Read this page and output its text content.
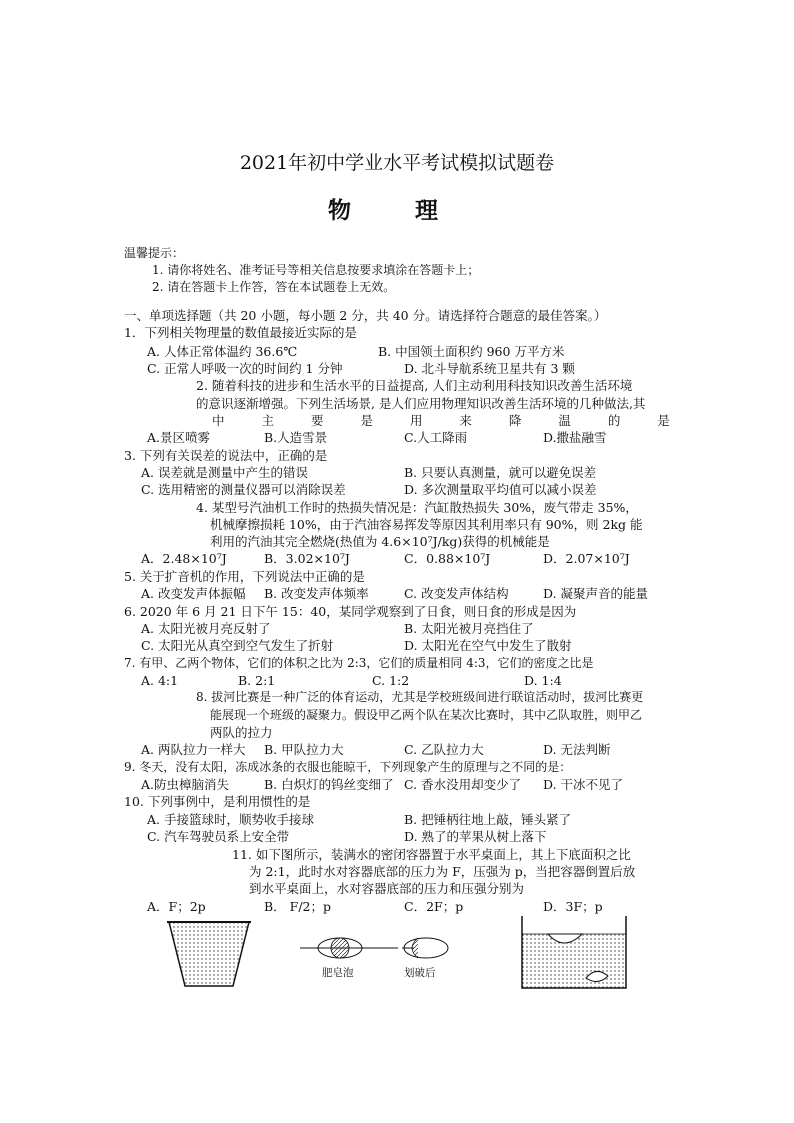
2021年初中学业水平考试模拟试题卷
物 理
温馨提示：
1. 请你将姓名、准考证号等相关信息按要求填涂在答题卡上；
2. 请在答题卡上作答，答在本试题卷上无效。
一、单项选择题（共 20 小题，每小题 2 分，共 40 分。请选择符合题意的最佳答案。）
1．下列相关物理量的数值最接近实际的是
A. 人体正常体温约 36.6℃	B. 中国领土面积约 960 万平方米
C. 正常人呼吸一次的时间约 1 分钟	D. 北斗导航系统卫星共有 3 颗
2. 随着科技的进步和生活水平的日益提高, 人们主动利用科技知识改善生活环境
的意识逐渐增强。下列生活场景, 是人们应用物理知识改善生活环境的几种做法,其
中	主	要	是	用	来	降	温	的	是
A.景区喷雾	B.人造雪景	C.人工降雨	D.撒盐融雪
3. 下列有关误差的说法中，正确的是
A. 误差就是测量中产生的错误	B. 只要认真测量，就可以避免误差
C. 选用精密的测量仪器可以消除误差	D. 多次测量取平均值可以减小误差
4. 某型号汽油机工作时的热损失情况是：汽缸散热损失 30%，废气带走 35%，
机械摩擦损耗 10%，由于汽油容易挥发等原因其利用率只有 90%，则 2kg 能
利用的汽油其完全燃烧(热值为 4.6×10⁷J/kg)获得的机械能是
A．2.48×10⁷J	B．3.02×10⁷J	C．0.88×10⁷J	D．2.07×10⁷J
5. 关于扩音机的作用，下列说法中正确的是
A. 改变发声体振幅 B. 改变发声体频率	C. 改变发声体结构	D. 凝聚声音的能量
6. 2020 年 6 月 21 日下午 15：40，某同学观察到了日食，则日食的形成是因为
A. 太阳光被月亮反射了	B. 太阳光被月亮挡住了
C. 太阳光从真空到空气发生了折射	D. 太阳光在空气中发生了散射
7. 有甲、乙两个物体，它们的体积之比为 2:3，它们的质量相同 4:3，它们的密度之比是
A. 4:1	B. 2:1	C. 1:2	D. 1:4
8. 拔河比赛是一种广泛的体育运动，尤其是学校班级间进行联谊活动时，拔河比赛更
能展现一个班级的凝聚力。假设甲乙两个队在某次比赛时，其中乙队取胜，则甲乙
两队的拉力
A. 两队拉力一样大 B. 甲队拉力大	C. 乙队拉力大	D. 无法判断
9. 冬天，没有太阳，冻成冰条的衣服也能晾干，下列现象产生的原理与之不同的是：
A.防虫樟脑消失	B. 白炽灯的钨丝变细了 C. 香水没用却变少了 D. 干冰不见了
10. 下列事例中，是利用惯性的是
A. 手接篮球时，顺势收手接球	B. 把锤柄往地上敲，锤头紧了
C. 汽车驾驶员系上安全带	D. 熟了的苹果从树上落下
11. 如下图所示，装满水的密闭容器置于水平桌面上，其上下底面积之比
为 2:1，此时水对容器底部的压力为 F，压强为 p，当把容器倒置后放
到水平桌面上，水对容器底部的压力和压强分别为
A．F；2p	B． F/2；p	C．2F；p	D．3F；p
肥皂泡	划破后
